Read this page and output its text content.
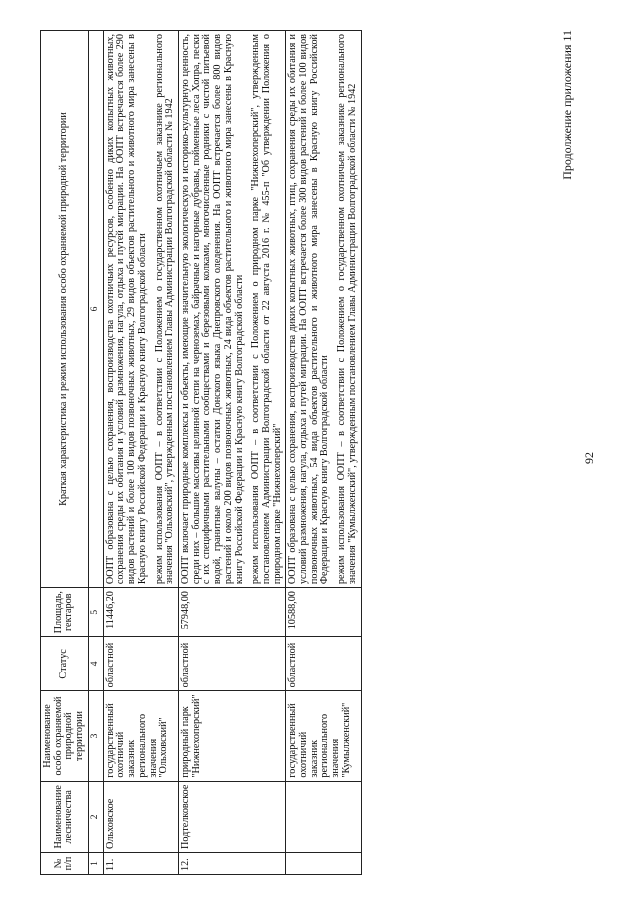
92
Продолжение приложения 11
№ п/п	Наименование лесничества	Наименование особо охраняемой природной территории	Статус	Площадь, гектаров	Краткая характеристика и режим использования особо охраняемой природной территории
1	2	3	4	5	6
11.	Ольховское	государственный охотничий заказник регионального значения "Ольховский"	областной	11446,20	ООПТ образована с целью сохранения, воспроизводства охотничьих ресурсов, особенно диких копытных животных, сохранения среды их обитания и условий размножения, нагула, отдыха и путей миграции. На ООПТ встречается более 290 видов растений и более 100 видов позвоночных животных, 29 видов объектов растительного и животного мира занесены в Красную книгу Российской Федерации и Красную книгу Волгоградской области режим использования ООПТ – в соответствии с Положением о государственном охотничьем заказнике регионального значения "Ольховский", утвержденным постановлением Главы Администрации Волгоградской области № 1942

12.	Подтелковское	природный парк "Нижнехоперский"	областной	57948,00	ООПТ включает природные комплексы и объекты, имеющие значительную экологическую и историко-культурную ценность, среди них – большие массивы целинной степи на черноземах, байрачные и нагорные дубравы, пойменные леса Хопра, пески с их специфичными растительными сообществами и березовыми колками, многочисленные родники с чистой питьевой водой, гранитные валуны – остатки Донского языка Днепровского оледенения. На ООПТ встречается более 800 видов растений и около 200 видов позвоночных животных, 24 вида объектов растительного и животного мира занесены в Красную книгу Российской Федерации и Красную книгу Волгоградской области режим использования ООПТ – в соответствии с Положением о природном парке "Нижнехоперский", утвержденным постановлением Администрации Волгоградской области от 22 августа 2016 г. № 455-п "Об утверждении Положения о природном парке "Нижнехоперский"

		государственный охотничий заказник регионального значения "Кумылженский"	областной	10588,00	ООПТ образована с целью сохранения, воспроизводства диких копытных животных, птиц, сохранения среды их обитания и условий размножения, нагула, отдыха и путей миграции. На ООПТ встречается более 300 видов растений и более 100 видов позвоночных животных, 54 вида объектов растительного и животного мира занесены в Красную книгу Российской Федерации и Красную книгу Волгоградской области режим использования ООПТ – в соответствии с Положением о государственном охотничьем заказнике регионального значения "Кумылженский", утвержденным постановлением Главы Администрации Волгоградской области № 1942
